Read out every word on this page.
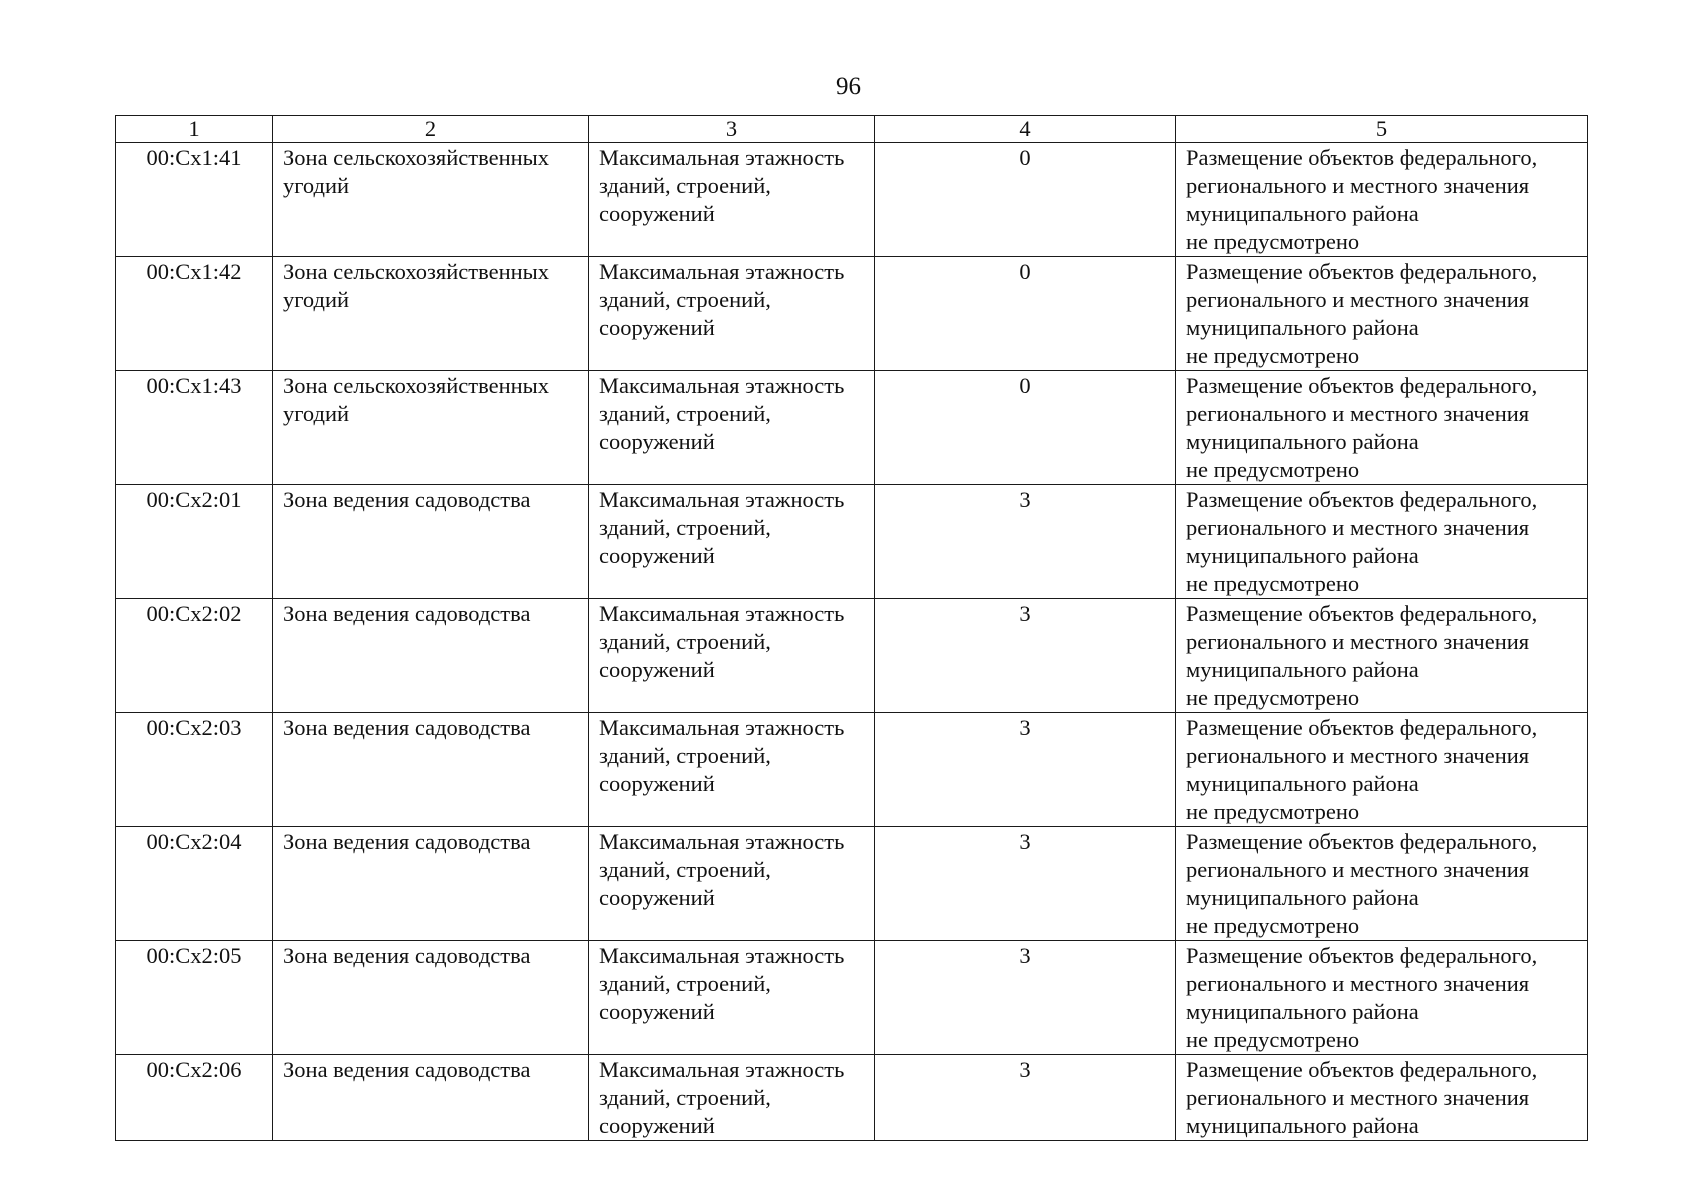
96
1	2	3	4	5
00:Сх1:41	Зона сельскохозяйственных
угодий	Максимальная этажность
зданий, строений,
сооружений	0	Размещение объектов федерального,
регионального и местного значения
муниципального района
не предусмотрено

00:Сх1:42	Зона сельскохозяйственных
угодий	Максимальная этажность
зданий, строений,
сооружений	0	Размещение объектов федерального,
регионального и местного значения
муниципального района
не предусмотрено

00:Сх1:43	Зона сельскохозяйственных
угодий	Максимальная этажность
зданий, строений,
сооружений	0	Размещение объектов федерального,
регионального и местного значения
муниципального района
не предусмотрено

00:Сх2:01	Зона ведения садоводства	Максимальная этажность
зданий, строений,
сооружений	3	Размещение объектов федерального,
регионального и местного значения
муниципального района
не предусмотрено

00:Сх2:02	Зона ведения садоводства	Максимальная этажность
зданий, строений,
сооружений	3	Размещение объектов федерального,
регионального и местного значения
муниципального района
не предусмотрено

00:Сх2:03	Зона ведения садоводства	Максимальная этажность
зданий, строений,
сооружений	3	Размещение объектов федерального,
регионального и местного значения
муниципального района
не предусмотрено

00:Сх2:04	Зона ведения садоводства	Максимальная этажность
зданий, строений,
сооружений	3	Размещение объектов федерального,
регионального и местного значения
муниципального района
не предусмотрено

00:Сх2:05	Зона ведения садоводства	Максимальная этажность
зданий, строений,
сооружений	3	Размещение объектов федерального,
регионального и местного значения
муниципального района
не предусмотрено

00:Сх2:06	Зона ведения садоводства	Максимальная этажность
зданий, строений,
сооружений	3	Размещение объектов федерального,
регионального и местного значения
муниципального района
